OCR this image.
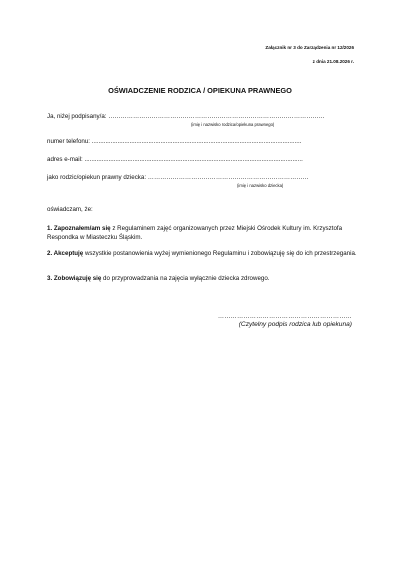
Załącznik nr 3 do Zarządzenia nr 12/2026
z dnia 21.08.2026 r.
OŚWIADCZENIE RODZICA / OPIEKUNA PRAWNEGO
Ja, niżej podpisany/a: ……………………………………………………………………………………………
(imię i nazwisko rodzica/opiekuna prawnego)
numer telefonu: ..........................................................................................................................
adres e-mail: ...............................................................................................................................
jako rodzic/opiekun prawny dziecka: ……………………………………………………………………
(imię i nazwisko dziecka)
oświadczam, że:
1. Zapoznałem/am się z Regulaminem zajęć organizowanych przez Miejski Ośrodek Kultury im. Krzysztofa Respondka w Miasteczku Śląskim.
2. Akceptuję wszystkie postanowienia wyżej wymienionego Regulaminu i zobowiązuję się do ich przestrzegania.
3. Zobowiązuję się do przyprowadzania na zajęcia wyłącznie dziecka zdrowego.
………………………………………………………
(Czytelny podpis rodzica lub opiekuna)
